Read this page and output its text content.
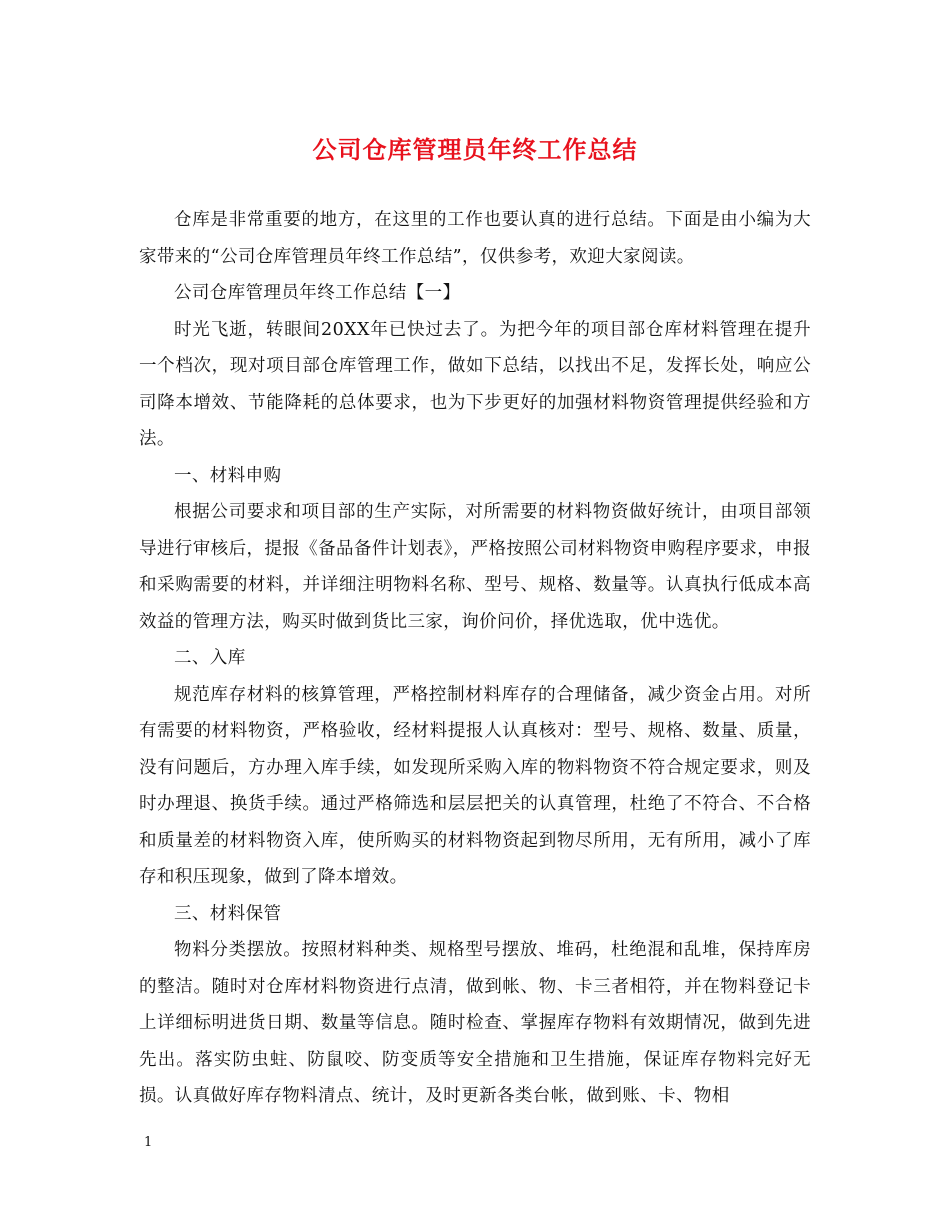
公司仓库管理员年终工作总结

仓库是非常重要的地方，在这里的工作也要认真的进行总结。下面是由小编为大家带来的“公司仓库管理员年终工作总结”，仅供参考，欢迎大家阅读。

公司仓库管理员年终工作总结【一】

时光飞逝，转眼间20XX年已快过去了。为把今年的项目部仓库材料管理在提升一个档次，现对项目部仓库管理工作，做如下总结，以找出不足，发挥长处，响应公司降本增效、节能降耗的总体要求，也为下步更好的加强材料物资管理提供经验和方法。

一、材料申购

根据公司要求和项目部的生产实际，对所需要的材料物资做好统计，由项目部领导进行审核后，提报《备品备件计划表》，严格按照公司材料物资申购程序要求，申报和采购需要的材料，并详细注明物料名称、型号、规格、数量等。认真执行低成本高效益的管理方法，购买时做到货比三家，询价问价，择优选取，优中选优。

二、入库

规范库存材料的核算管理，严格控制材料库存的合理储备，减少资金占用。对所有需要的材料物资，严格验收，经材料提报人认真核对：型号、规格、数量、质量，没有问题后，方办理入库手续，如发现所采购入库的物料物资不符合规定要求，则及时办理退、换货手续。通过严格筛选和层层把关的认真管理，杜绝了不符合、不合格和质量差的材料物资入库，使所购买的材料物资起到物尽所用，无有所用，减小了库存和积压现象，做到了降本增效。

三、材料保管

物料分类摆放。按照材料种类、规格型号摆放、堆码，杜绝混和乱堆，保持库房的整洁。随时对仓库材料物资进行点清，做到帐、物、卡三者相符，并在物料登记卡上详细标明进货日期、数量等信息。随时检查、掌握库存物料有效期情况，做到先进先出。落实防虫蛀、防鼠咬、防变质等安全措施和卫生措施，保证库存物料完好无损。认真做好库存物料清点、统计，及时更新各类台帐，做到账、卡、物相

1
